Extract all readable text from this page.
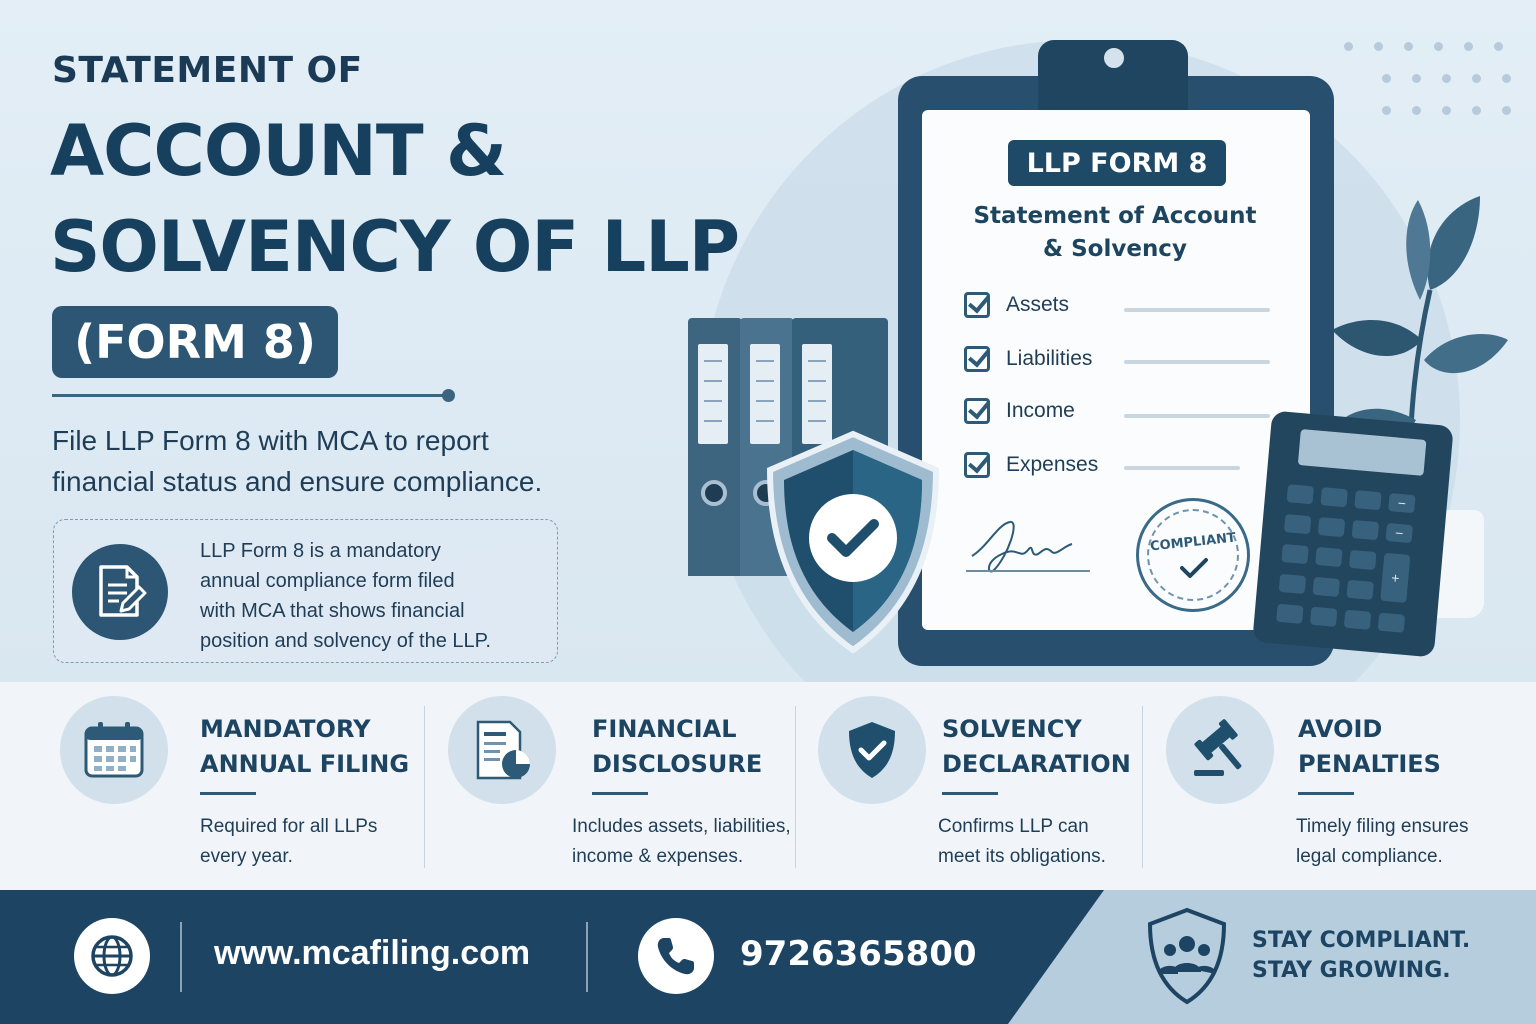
STATEMENT OF
ACCOUNT &
SOLVENCY OF LLP
(FORM 8)
File LLP Form 8 with MCA to report
financial status and ensure compliance.
LLP Form 8 is a mandatory
annual compliance form filed
with MCA that shows financial
position and solvency of the LLP.
LLP FORM 8
Statement of Account
& Solvency
Assets
Liabilities
Income
Expenses
COMPLIANT
−
−
+
MANDATORY
ANNUAL FILING
Required for all LLPs
every year.
FINANCIAL
DISCLOSURE
Includes assets, liabilities,
income & expenses.
SOLVENCY
DECLARATION
Confirms LLP can
meet its obligations.
AVOID
PENALTIES
Timely filing ensures
legal compliance.
www.mcafiling.com	9726365800	STAY COMPLIANT.
STAY GROWING.
